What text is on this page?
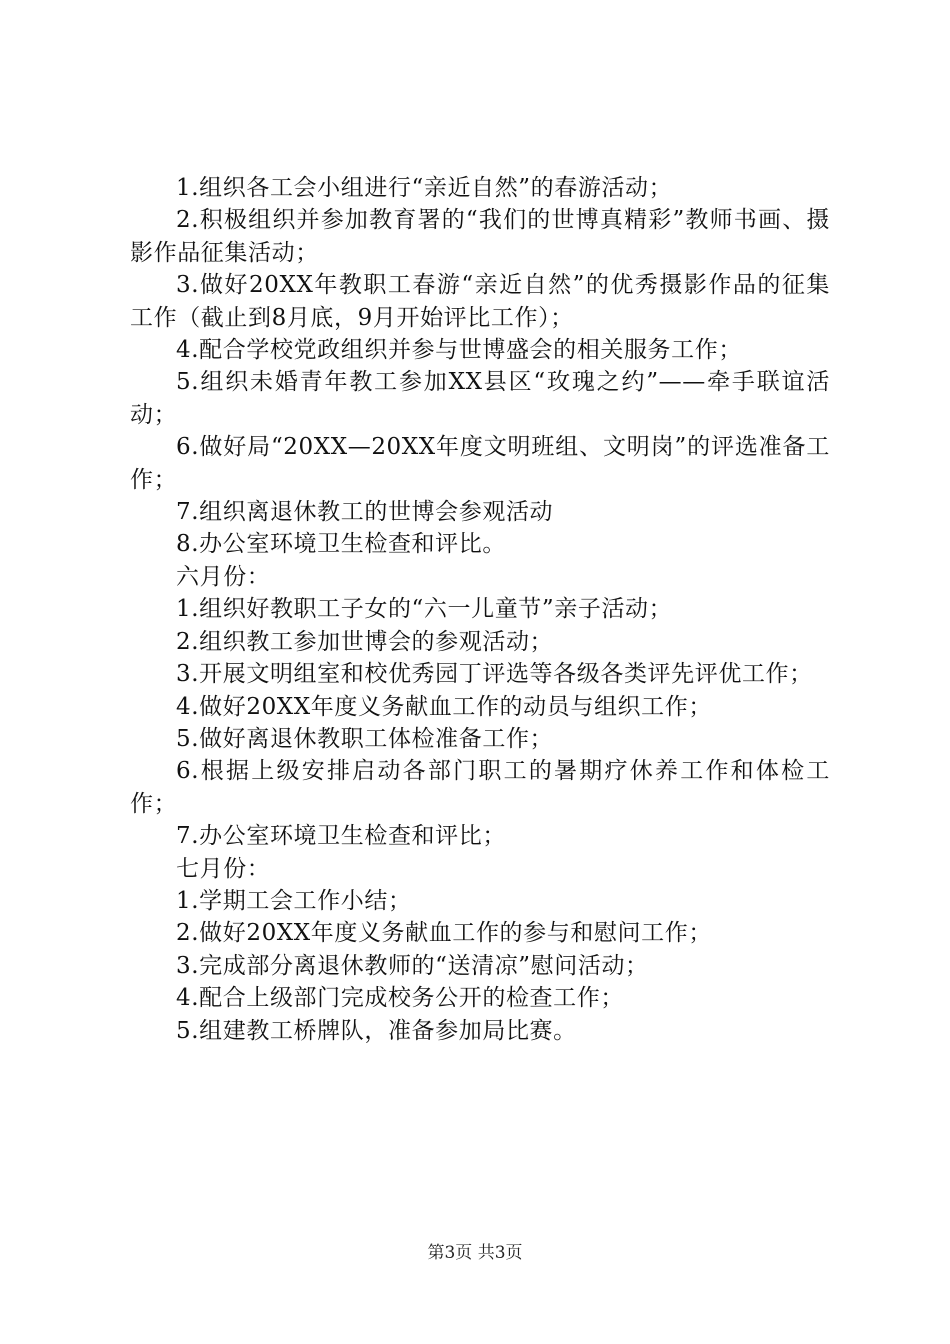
1.组织各工会小组进行“亲近自然”的春游活动；

2.积极组织并参加教育署的“我们的世博真精彩”教师书画、摄影作品征集活动；

3.做好20XX年教职工春游“亲近自然”的优秀摄影作品的征集工作（截止到8月底，9月开始评比工作）；

4.配合学校党政组织并参与世博盛会的相关服务工作；

5.组织未婚青年教工参加XX县区“玫瑰之约”——牵手联谊活动；

6.做好局“20XX—20XX年度文明班组、文明岗”的评选准备工作；

7.组织离退休教工的世博会参观活动

8.办公室环境卫生检查和评比。

六月份：

1.组织好教职工子女的“六一儿童节”亲子活动；

2.组织教工参加世博会的参观活动；

3.开展文明组室和校优秀园丁评选等各级各类评先评优工作；

4.做好20XX年度义务献血工作的动员与组织工作；

5.做好离退休教职工体检准备工作；

6.根据上级安排启动各部门职工的暑期疗休养工作和体检工作；

7.办公室环境卫生检查和评比；

七月份：

1.学期工会工作小结；

2.做好20XX年度义务献血工作的参与和慰问工作；

3.完成部分离退休教师的“送清凉”慰问活动；

4.配合上级部门完成校务公开的检查工作；

5.组建教工桥牌队，准备参加局比赛。

第3页 共3页
